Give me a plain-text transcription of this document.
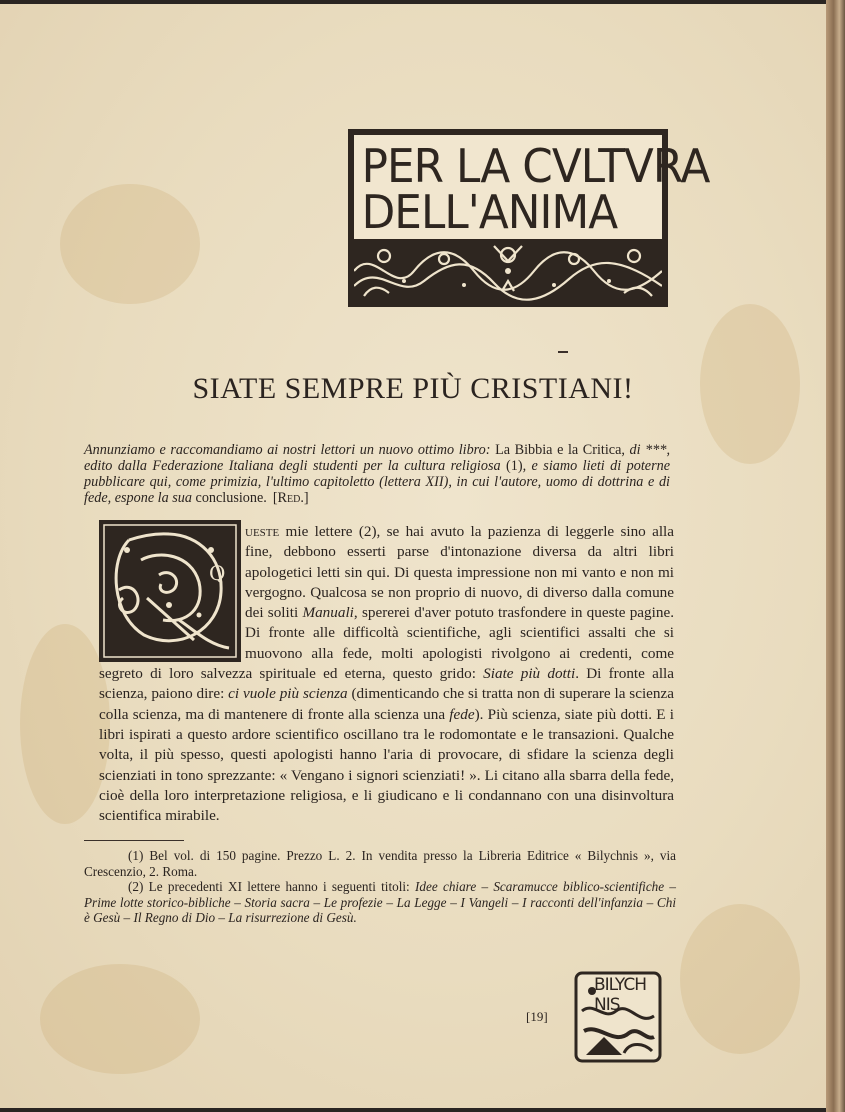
PER LA CVLTVRA
DELL'ANIMA
SIATE SEMPRE PIÙ CRISTIANI!
Annunziamo e raccomandiamo ai nostri lettori un nuovo ottimo libro: La Bibbia e la Critica, di ***, edito dalla Federazione Italiana degli studenti per la cultura religiosa (1), e siamo lieti di poterne pubblicare qui, come primizia, l'ultimo capitoletto (lettera XII), in cui l'autore, uomo di dottrina e di fede, espone la sua conclusione. [Red.]
Q
ueste mie lettere (2), se hai avuto la pazienza di leggerle sino alla fine, debbono esserti parse d'intonazione diversa da altri libri apologetici letti sin qui. Di questa impressione non mi vanto e non mi vergogno. Qualcosa se non proprio di nuovo, di diverso dalla comune dei soliti Manuali, spererei d'aver potuto trasfondere in queste pagine. Di fronte alle difficoltà scientifiche, agli scientifici assalti che si muovono alla fede, molti apologisti rivolgono ai credenti, come segreto di loro salvezza spirituale ed eterna, questo grido: Siate più dotti. Di fronte alla scienza, paiono dire: ci vuole più scienza (dimenticando che si tratta non di superare la scienza colla scienza, ma di mantenere di fronte alla scienza una fede). Più scienza, siate più dotti. E i libri ispirati a questo ardore scientifico oscillano tra le rodomontate e le transazioni. Qualche volta, il più spesso, questi apologisti hanno l'aria di provocare, di sfidare la scienza degli scienziati in tono sprezzante: « Vengano i signori scienziati! ». Li citano alla sbarra della fede, cioè della loro interpretazione religiosa, e li giudicano e li condannano con una disinvoltura scientifica mirabile.

(1) Bel vol. di 150 pagine. Prezzo L. 2. In vendita presso la Libreria Editrice « Bilychnis », via Crescenzio, 2. Roma.

(2) Le precedenti XI lettere hanno i seguenti titoli: Idee chiare – Scaramucce biblico-scientifiche – Prime lotte storico-bibliche – Storia sacra – Le profezie – La Legge – I Vangeli – I racconti dell'infanzia – Chi è Gesù – Il Regno di Dio – La risurrezione di Gesù.

[19]
BILYCH NIS
